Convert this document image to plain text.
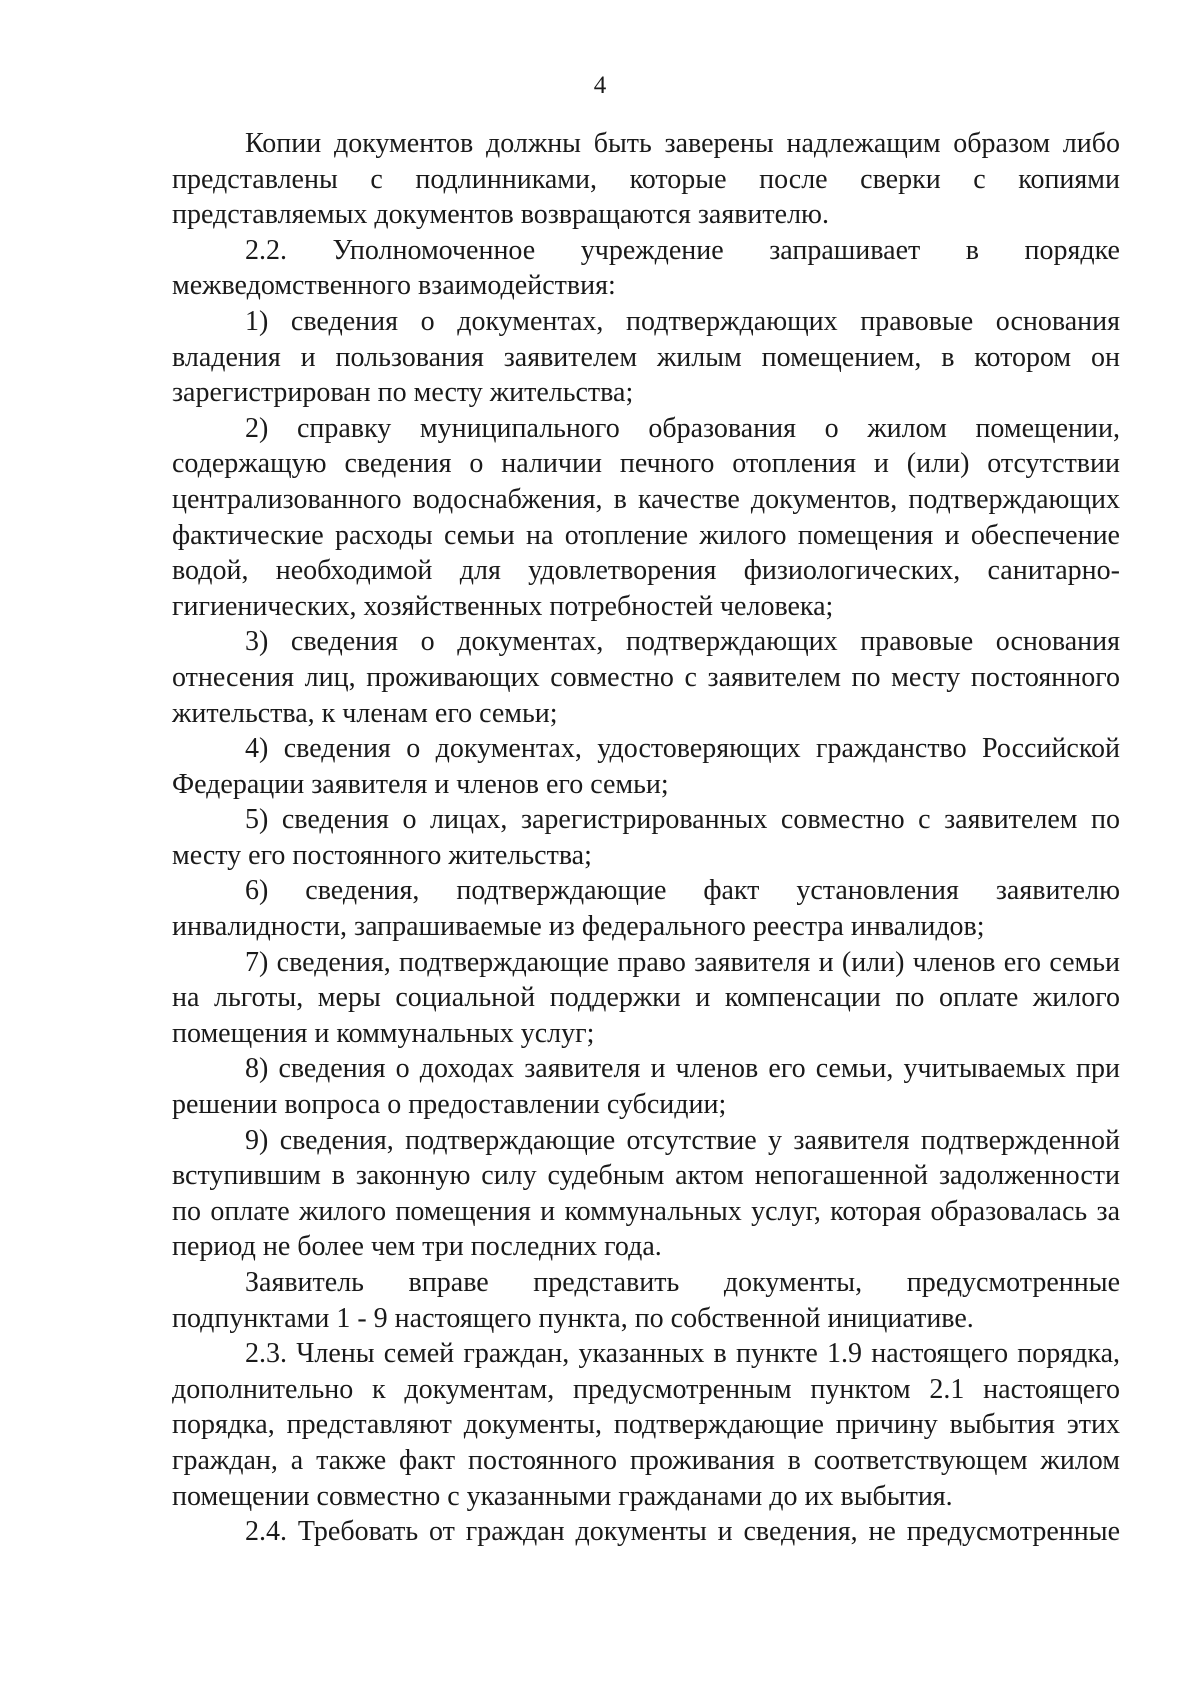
4

Копии документов должны быть заверены надлежащим образом либо представлены с подлинниками, которые после сверки с копиями представляемых документов возвращаются заявителю.

2.2. Уполномоченное учреждение запрашивает в порядке межведомственного взаимодействия:

1) сведения о документах, подтверждающих правовые основания владения и пользования заявителем жилым помещением, в котором он зарегистрирован по месту жительства;

2) справку муниципального образования о жилом помещении, содержащую сведения о наличии печного отопления и (или) отсутствии централизованного водоснабжения, в качестве документов, подтверждающих фактические расходы семьи на отопление жилого помещения и обеспечение водой, необходимой для удовлетворения физиологических, санитарно-гигиенических, хозяйственных потребностей человека;

3) сведения о документах, подтверждающих правовые основания отнесения лиц, проживающих совместно с заявителем по месту постоянного жительства, к членам его семьи;

4) сведения о документах, удостоверяющих гражданство Российской Федерации заявителя и членов его семьи;

5) сведения о лицах, зарегистрированных совместно с заявителем по месту его постоянного жительства;

6) сведения, подтверждающие факт установления заявителю инвалидности, запрашиваемые из федерального реестра инвалидов;

7) сведения, подтверждающие право заявителя и (или) членов его семьи на льготы, меры социальной поддержки и компенсации по оплате жилого помещения и коммунальных услуг;

8) сведения о доходах заявителя и членов его семьи, учитываемых при решении вопроса о предоставлении субсидии;

9) сведения, подтверждающие отсутствие у заявителя подтвержденной вступившим в законную силу судебным актом непогашенной задолженности по оплате жилого помещения и коммунальных услуг, которая образовалась за период не более чем три последних года.

Заявитель вправе представить документы, предусмотренные подпунктами 1 - 9 настоящего пункта, по собственной инициативе.

2.3. Члены семей граждан, указанных в пункте 1.9 настоящего порядка, дополнительно к документам, предусмотренным пунктом 2.1 настоящего порядка, представляют документы, подтверждающие причину выбытия этих граждан, а также факт постоянного проживания в соответствующем жилом помещении совместно с указанными гражданами до их выбытия.

2.4. Требовать от граждан документы и сведения, не предусмотренные
